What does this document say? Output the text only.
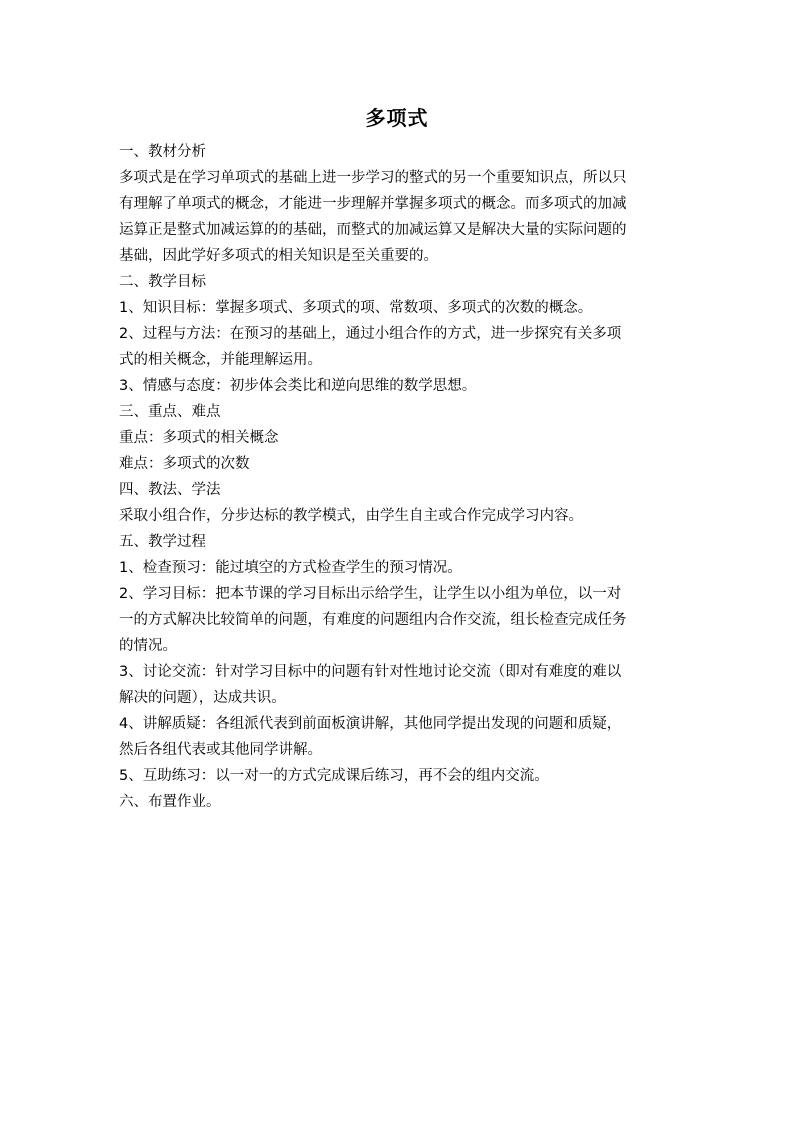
多项式
一、教材分析
多项式是在学习单项式的基础上进一步学习的整式的另一个重要知识点，所以只
有理解了单项式的概念，才能进一步理解并掌握多项式的概念。而多项式的加减
运算正是整式加减运算的的基础，而整式的加减运算又是解决大量的实际问题的
基础，因此学好多项式的相关知识是至关重要的。
二、教学目标
1、知识目标：掌握多项式、多项式的项、常数项、多项式的次数的概念。
2、过程与方法：在预习的基础上，通过小组合作的方式，进一步探究有关多项
式的相关概念，并能理解运用。
3、情感与态度：初步体会类比和逆向思维的数学思想。
三、重点、难点
重点：多项式的相关概念
难点：多项式的次数
四、教法、学法
采取小组合作，分步达标的教学模式，由学生自主或合作完成学习内容。
五、教学过程
1、检查预习：能过填空的方式检查学生的预习情况。
2、学习目标：把本节课的学习目标出示给学生，让学生以小组为单位，以一对
一的方式解决比较简单的问题，有难度的问题组内合作交流，组长检查完成任务
的情况。
3、讨论交流：针对学习目标中的问题有针对性地讨论交流（即对有难度的难以
解决的问题），达成共识。
4、讲解质疑：各组派代表到前面板演讲解，其他同学提出发现的问题和质疑，
然后各组代表或其他同学讲解。
5、互助练习：以一对一的方式完成课后练习，再不会的组内交流。
六、布置作业。
